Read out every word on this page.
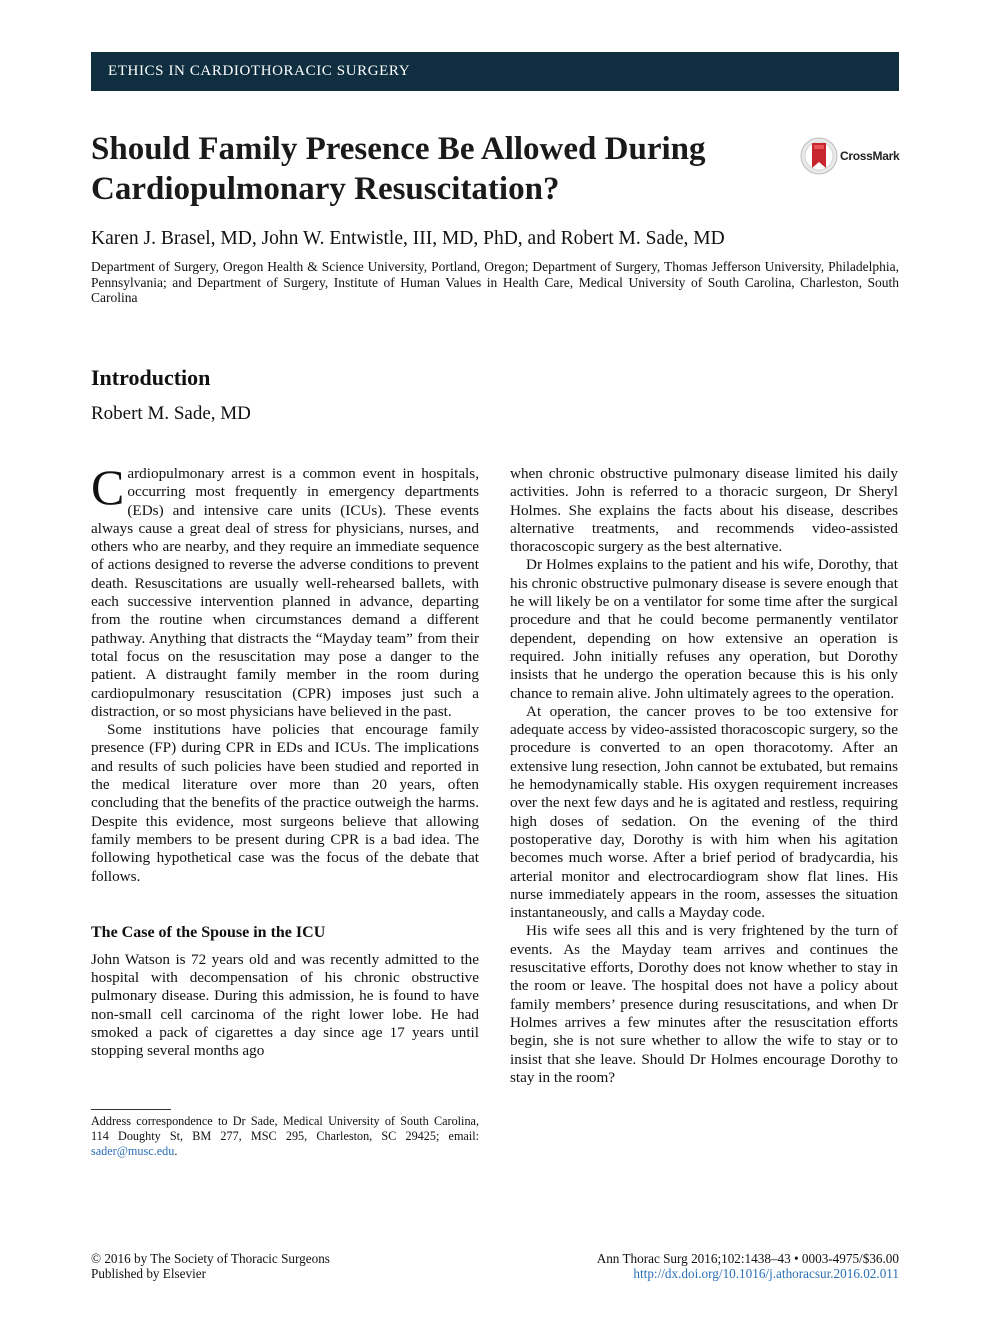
ETHICS IN CARDIOTHORACIC SURGERY
Should Family Presence Be Allowed During Cardiopulmonary Resuscitation?
CrossMark
Karen J. Brasel, MD, John W. Entwistle, III, MD, PhD, and Robert M. Sade, MD
Department of Surgery, Oregon Health & Science University, Portland, Oregon; Department of Surgery, Thomas Jefferson University, Philadelphia, Pennsylvania; and Department of Surgery, Institute of Human Values in Health Care, Medical University of South Carolina, Charleston, South Carolina
Introduction
Robert M. Sade, MD

Cardiopulmonary arrest is a common event in hospitals, occurring most frequently in emergency departments (EDs) and intensive care units (ICUs). These events always cause a great deal of stress for physicians, nurses, and others who are nearby, and they require an immediate sequence of actions designed to reverse the adverse conditions to prevent death. Resuscitations are usually well-rehearsed ballets, with each successive intervention planned in advance, departing from the routine when circumstances demand a different pathway. Anything that distracts the “Mayday team” from their total focus on the resuscitation may pose a danger to the patient. A distraught family member in the room during cardiopulmonary resuscitation (CPR) imposes just such a distraction, or so most physicians have believed in the past.

Some institutions have policies that encourage family presence (FP) during CPR in EDs and ICUs. The implications and results of such policies have been studied and reported in the medical literature over more than 20 years, often concluding that the benefits of the practice outweigh the harms. Despite this evidence, most surgeons believe that allowing family members to be present during CPR is a bad idea. The following hypothetical case was the focus of the debate that follows.

The Case of the Spouse in the ICU

John Watson is 72 years old and was recently admitted to the hospital with decompensation of his chronic obstructive pulmonary disease. During this admission, he is found to have non-small cell carcinoma of the right lower lobe. He had smoked a pack of cigarettes a day since age 17 years until stopping several months ago

when chronic obstructive pulmonary disease limited his daily activities. John is referred to a thoracic surgeon, Dr Sheryl Holmes. She explains the facts about his disease, describes alternative treatments, and recommends video-assisted thoracoscopic surgery as the best alternative.

Dr Holmes explains to the patient and his wife, Dorothy, that his chronic obstructive pulmonary disease is severe enough that he will likely be on a ventilator for some time after the surgical procedure and that he could become permanently ventilator dependent, depending on how extensive an operation is required. John initially refuses any operation, but Dorothy insists that he undergo the operation because this is his only chance to remain alive. John ultimately agrees to the operation.

At operation, the cancer proves to be too extensive for adequate access by video-assisted thoracoscopic surgery, so the procedure is converted to an open thoracotomy. After an extensive lung resection, John cannot be extubated, but remains he hemodynamically stable. His oxygen requirement increases over the next few days and he is agitated and restless, requiring high doses of sedation. On the evening of the third postoperative day, Dorothy is with him when his agitation becomes much worse. After a brief period of bradycardia, his arterial monitor and electrocardiogram show flat lines. His nurse immediately appears in the room, assesses the situation instantaneously, and calls a Mayday code.

His wife sees all this and is very frightened by the turn of events. As the Mayday team arrives and continues the resuscitative efforts, Dorothy does not know whether to stay in the room or leave. The hospital does not have a policy about family members’ presence during resuscitations, and when Dr Holmes arrives a few minutes after the resuscitation efforts begin, she is not sure whether to allow the wife to stay or to insist that she leave. Should Dr Holmes encourage Dorothy to stay in the room?

Address correspondence to Dr Sade, Medical University of South Carolina, 114 Doughty St, BM 277, MSC 295, Charleston, SC 29425; email: sader@musc.edu.
© 2016 by The Society of Thoracic Surgeons
Published by Elsevier
Ann Thorac Surg 2016;102:1438–43 • 0003-4975/$36.00
http://dx.doi.org/10.1016/j.athoracsur.2016.02.011
